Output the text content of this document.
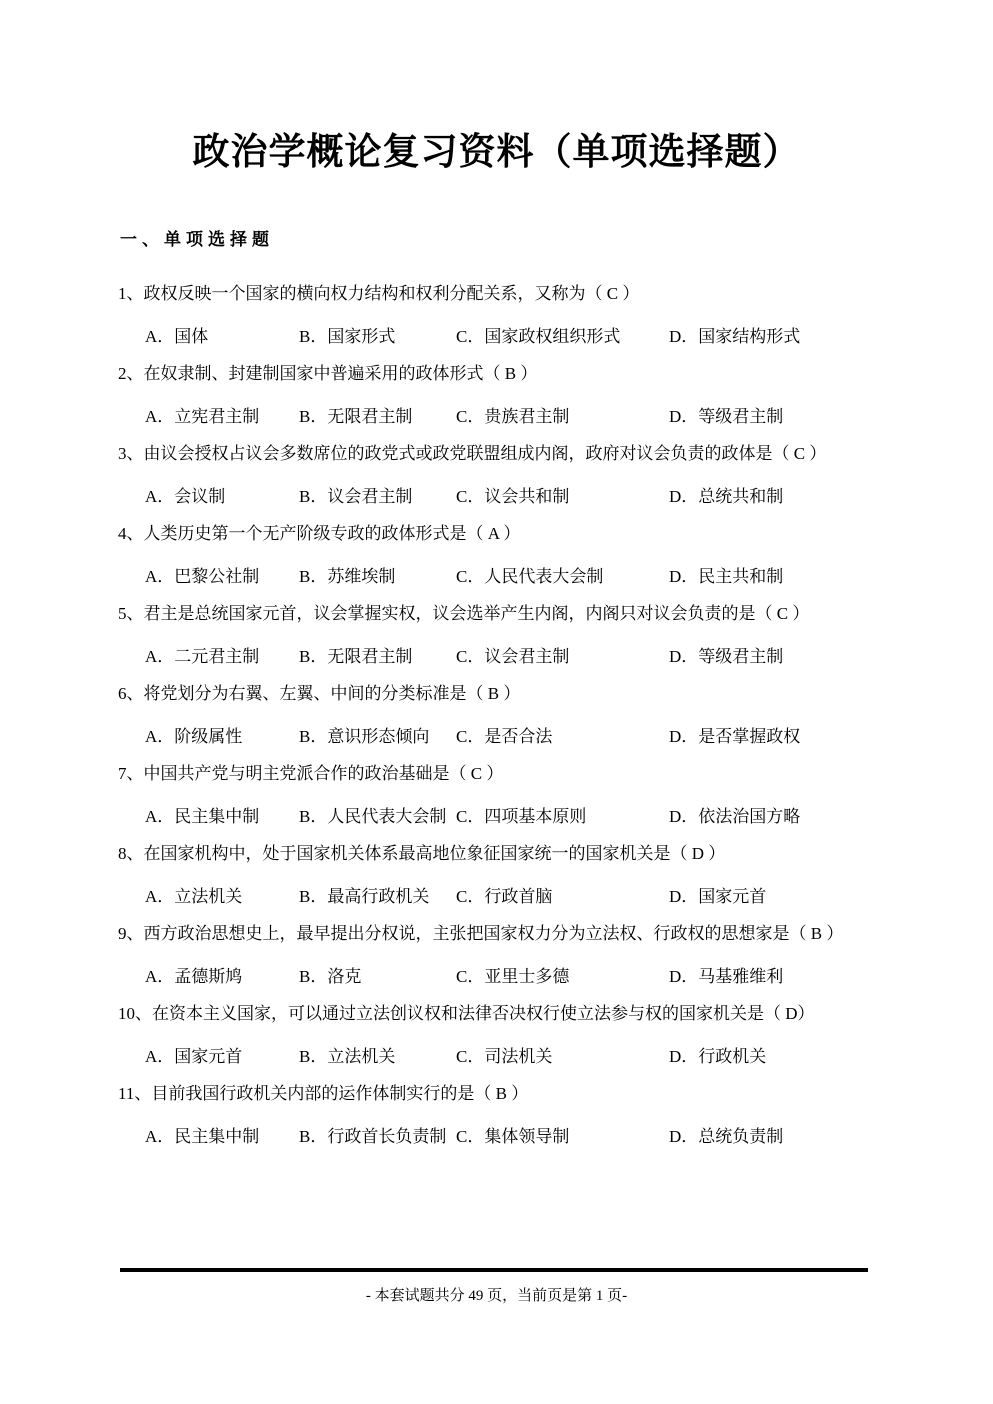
政治学概论复习资料（单项选择题）
一、单项选择题
1、政权反映一个国家的横向权力结构和权利分配关系，又称为（ C ）
A．国体	B．国家形式	C．国家政权组织形式	D．国家结构形式
2、在奴隶制、封建制国家中普遍采用的政体形式（ B ）
A．立宪君主制	B．无限君主制	C．贵族君主制	D．等级君主制
3、由议会授权占议会多数席位的政党式或政党联盟组成内阁，政府对议会负责的政体是（ C ）
A．会议制	B．议会君主制	C．议会共和制	D．总统共和制
4、人类历史第一个无产阶级专政的政体形式是（ A ）
A．巴黎公社制	B．苏维埃制	C．人民代表大会制	D．民主共和制
5、君主是总统国家元首，议会掌握实权，议会选举产生内阁，内阁只对议会负责的是（ C ）
A．二元君主制	B．无限君主制	C．议会君主制	D．等级君主制
6、将党划分为右翼、左翼、中间的分类标准是（ B ）
A．阶级属性	B．意识形态倾向	C．是否合法	D．是否掌握政权
7、中国共产党与明主党派合作的政治基础是（ C ）
A．民主集中制	B．人民代表大会制 C．四项基本原则	D．依法治国方略
8、在国家机构中，处于国家机关体系最高地位象征国家统一的国家机关是（ D ）
A．立法机关	B．最高行政机关	C．行政首脑	D．国家元首
9、西方政治思想史上，最早提出分权说，主张把国家权力分为立法权、行政权的思想家是（ B ）
A．孟德斯鸠	B．洛克	C．亚里士多德	D．马基雅维利
10、在资本主义国家，可以通过立法创议权和法律否决权行使立法参与权的国家机关是（ D）
A．国家元首	B．立法机关	C．司法机关	D．行政机关
11、目前我国行政机关内部的运作体制实行的是（ B ）
A．民主集中制	B．行政首长负责制 C．集体领导制	D．总统负责制
- 本套试题共分 49 页，当前页是第 1 页-
